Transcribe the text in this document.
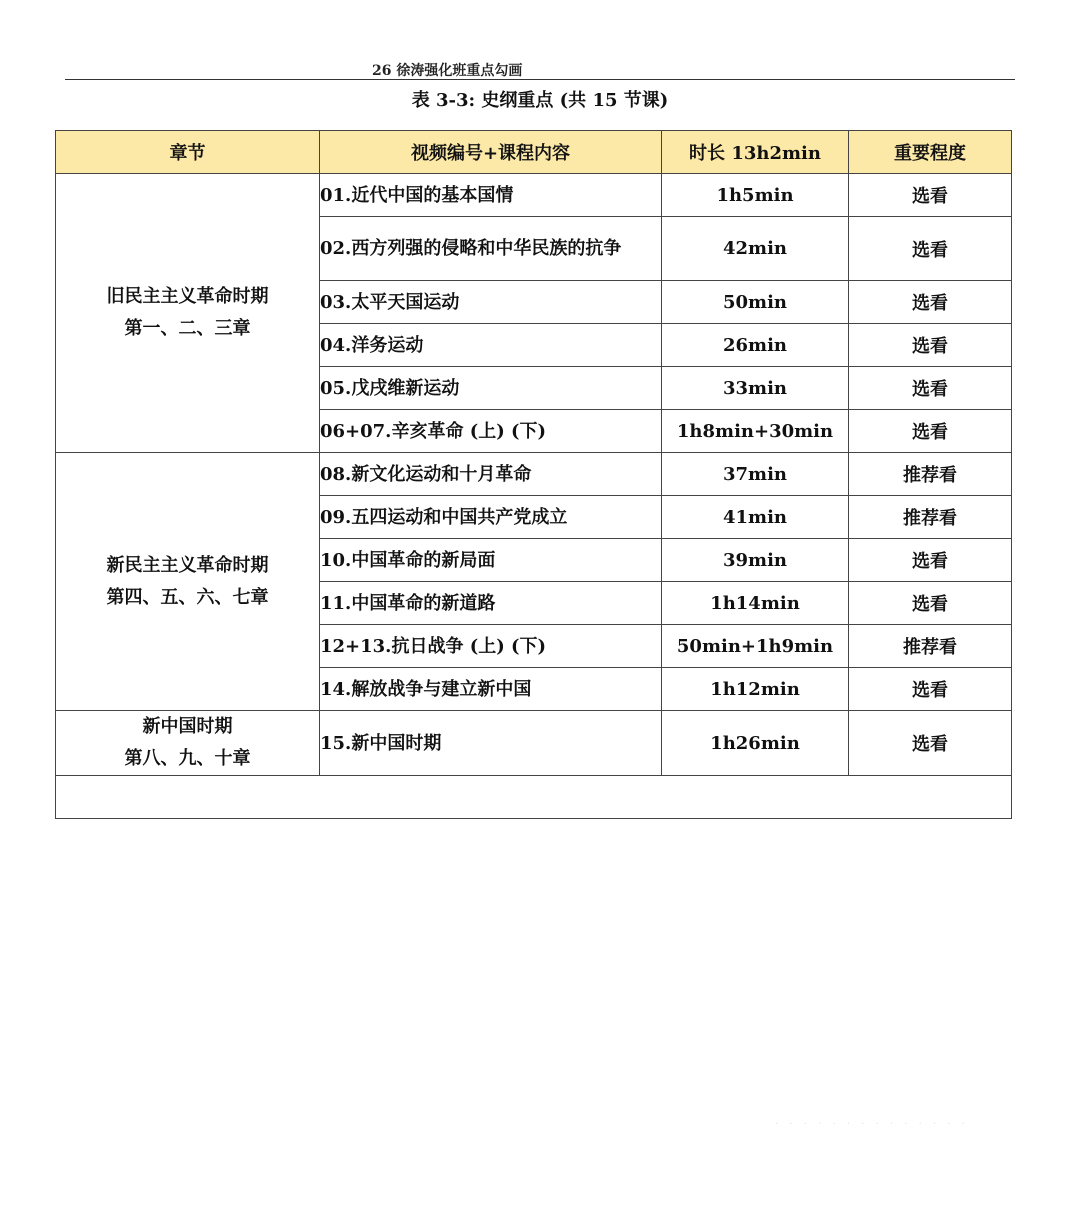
26 徐涛强化班重点勾画
表 3-3: 史纲重点 (共 15 节课)
章节	视频编号+课程内容	时长 13h2min	重要程度

旧民主主义革命时期
第一、二、三章	01.近代中国的基本国情	1h5min	选看
	02.西方列强的侵略和中华民族的抗争	42min	选看
	03.太平天国运动	50min	选看
	04.洋务运动	26min	选看
	05.戊戌维新运动	33min	选看
	06+07.辛亥革命 (上) (下)	1h8min+30min	选看

新民主主义革命时期
第四、五、六、七章	08.新文化运动和十月革命	37min	推荐看
	09.五四运动和中国共产党成立	41min	推荐看
	10.中国革命的新局面	39min	选看
	11.中国革命的新道路	1h14min	选看
	12+13.抗日战争 (上) (下)	50min+1h9min	推荐看
	14.解放战争与建立新中国	1h12min	选看

新中国时期
第八、九、十章	15.新中国时期	1h26min	选看

. . . . . . . . . . . . . .
